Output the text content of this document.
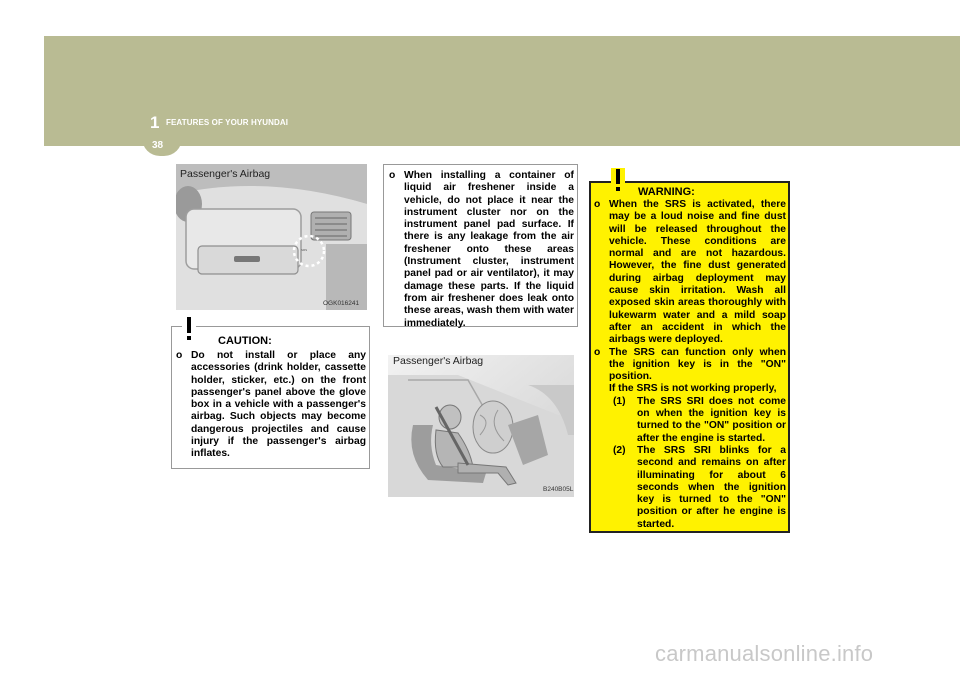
1 FEATURES OF YOUR HYUNDAI
38
SRS
Passenger's Airbag
OGK016241
CAUTION:
o Do not install or place any accessories (drink holder, cassette holder, sticker, etc.) on the front passenger's panel above the glove box in a vehicle with a passenger's airbag. Such objects may become dangerous projectiles and cause injury if the passenger's airbag inflates.
o When installing a container of liquid air freshener inside a vehicle, do not place it near the instrument cluster nor on the instrument panel pad surface. If there is any leakage from the air freshener onto these areas (Instrument cluster, instrument panel pad or air ventilator), it may damage these parts. If the liquid from air freshener does leak onto these areas, wash them with water immediately.
Passenger's Airbag
B240B05L
WARNING:
o When the SRS is activated, there may be a loud noise and fine dust will be released throughout the vehicle. These conditions are normal and are not hazardous. However, the fine dust generated during airbag deployment may cause skin irritation. Wash all exposed skin areas thoroughly with lukewarm water and a mild soap after an accident in which the airbags were deployed.
o The SRS can function only when the ignition key is in the "ON" position.
If the SRS is not working properly,
(1) The SRS SRI does not come on when the ignition key is turned to the "ON" position or after the engine is started.
(2) The SRS SRI blinks for a second and remains on after illuminating for about 6 seconds when the ignition key is turned to the "ON" position or after he engine is started.
carmanualsonline.info
